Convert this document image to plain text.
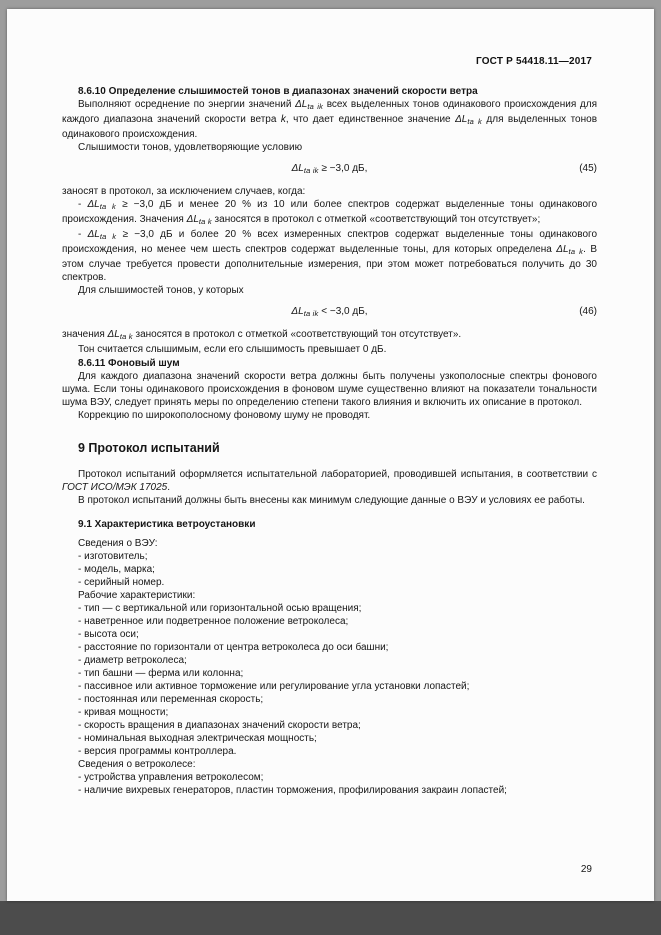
ГОСТ Р 54418.11—2017

8.6.10 Определение слышимостей тонов в диапазонах значений скорости ветра

Выполняют осреднение по энергии значений $\Delta L_{ta ik}$ всех выделенных тонов одинакового происхождения для каждого диапазона значений скорости ветра k, что дает единственное значение $\Delta L_{ta k}$ для выделенных тонов одинакового происхождения.

Слышимости тонов, удовлетворяющие условию

$\Delta L_{ta ik} \ge -3,0$ дБ,	(45)

заносят в протокол, за исключением случаев, когда:

- $\Delta L_{ta k} \ge -3,0$ дБ и менее 20 % из 10 или более спектров содержат выделенные тоны одинакового происхождения. Значения $\Delta L_{ta k}$ заносятся в протокол с отметкой «соответствующий тон отсутствует»;

- $\Delta L_{ta k} \ge -3,0$ дБ и более 20 % всех измеренных спектров содержат выделенные тоны одинакового происхождения, но менее чем шесть спектров содержат выделенные тоны, для которых определена $\Delta L_{ta k}$. В этом случае требуется провести дополнительные измерения, при этом может потребоваться получить до 30 спектров.

Для слышимостей тонов, у которых

$\Delta L_{ta ik} < -3,0$ дБ,	(46)

значения $\Delta L_{ta k}$ заносятся в протокол с отметкой «соответствующий тон отсутствует».

Тон считается слышимым, если его слышимость превышает 0 дБ.

8.6.11 Фоновый шум

Для каждого диапазона значений скорости ветра должны быть получены узкополосные спектры фонового шума. Если тоны одинакового происхождения в фоновом шуме существенно влияют на показатели тональности шума ВЭУ, следует принять меры по определению степени такого влияния и включить их описание в протокол.

Коррекцию по широкополосному фоновому шуму не проводят.

9 Протокол испытаний

Протокол испытаний оформляется испытательной лабораторией, проводившей испытания, в соответствии с ГОСТ ИСО/МЭК 17025.

В протокол испытаний должны быть внесены как минимум следующие данные о ВЭУ и условиях ее работы.

9.1 Характеристика ветроустановки

Сведения о ВЭУ:

- изготовитель;

- модель, марка;

- серийный номер.

Рабочие характеристики:

- тип — с вертикальной или горизонтальной осью вращения;

- наветренное или подветренное положение ветроколеса;

- высота оси;

- расстояние по горизонтали от центра ветроколеса до оси башни;

- диаметр ветроколеса;

- тип башни — ферма или колонна;

- пассивное или активное торможение или регулирование угла установки лопастей;

- постоянная или переменная скорость;

- кривая мощности;

- скорость вращения в диапазонах значений скорости ветра;

- номинальная выходная электрическая мощность;

- версия программы контроллера.

Сведения о ветроколесе:

- устройства управления ветроколесом;

- наличие вихревых генераторов, пластин торможения, профилирования закраин лопастей;

29
